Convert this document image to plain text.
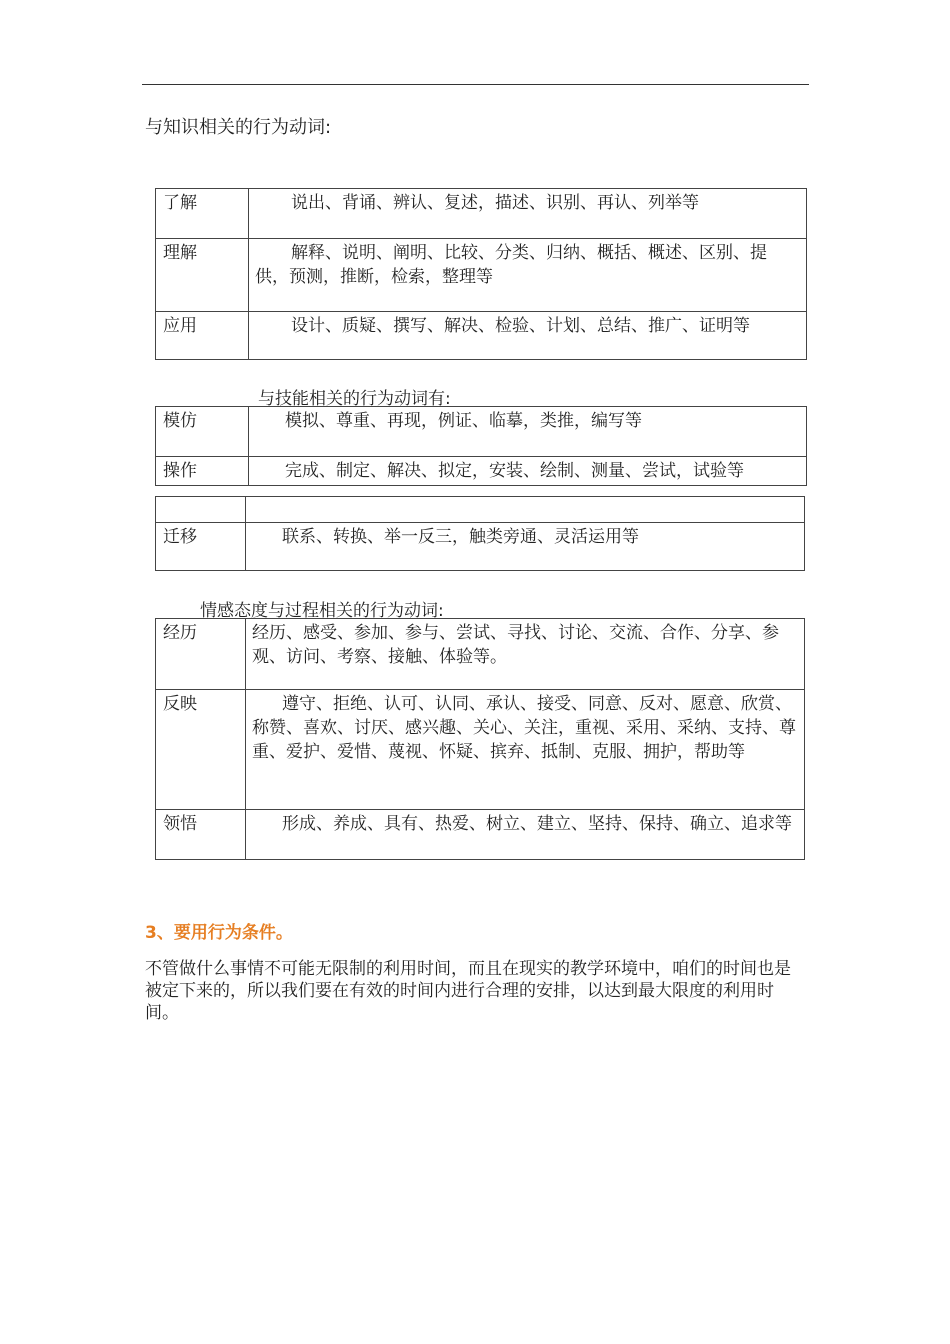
与知识相关的行为动词:
了解	说出、背诵、辨认、复述，描述、识别、再认、列举等
理解	解释、说明、阐明、比较、分类、归纳、概括、概述、区别、提供，预测，推断，检索，整理等
应用	设计、质疑、撰写、解决、检验、计划、总结、推广、证明等
与技能相关的行为动词有:
模仿	模拟、尊重、再现，例证、临摹，类推，编写等
操作	完成、制定、解决、拟定，安装、绘制、测量、尝试，试验等

迁移	联系、转换、举一反三，触类旁通、灵活运用等
情感态度与过程相关的行为动词:
经历	经历、感受、参加、参与、尝试、寻找、讨论、交流、合作、分享、参观、访问、考察、接触、体验等。
反映	遵守、拒绝、认可、认同、承认、接受、同意、反对、愿意、欣赏、称赞、喜欢、讨厌、感兴趣、关心、关注，重视、采用、采纳、支持、尊重、爱护、爱惜、蔑视、怀疑、摈弃、抵制、克服、拥护，帮助等
领悟	形成、养成、具有、热爱、树立、建立、坚持、保持、确立、追求等
3、要用行为条件。
不管做什么事情不可能无限制的利用时间，而且在现实的教学环境中，咱们的时间也是被定下来的，所以我们要在有效的时间内进行合理的安排，以达到最大限度的利用时间。
